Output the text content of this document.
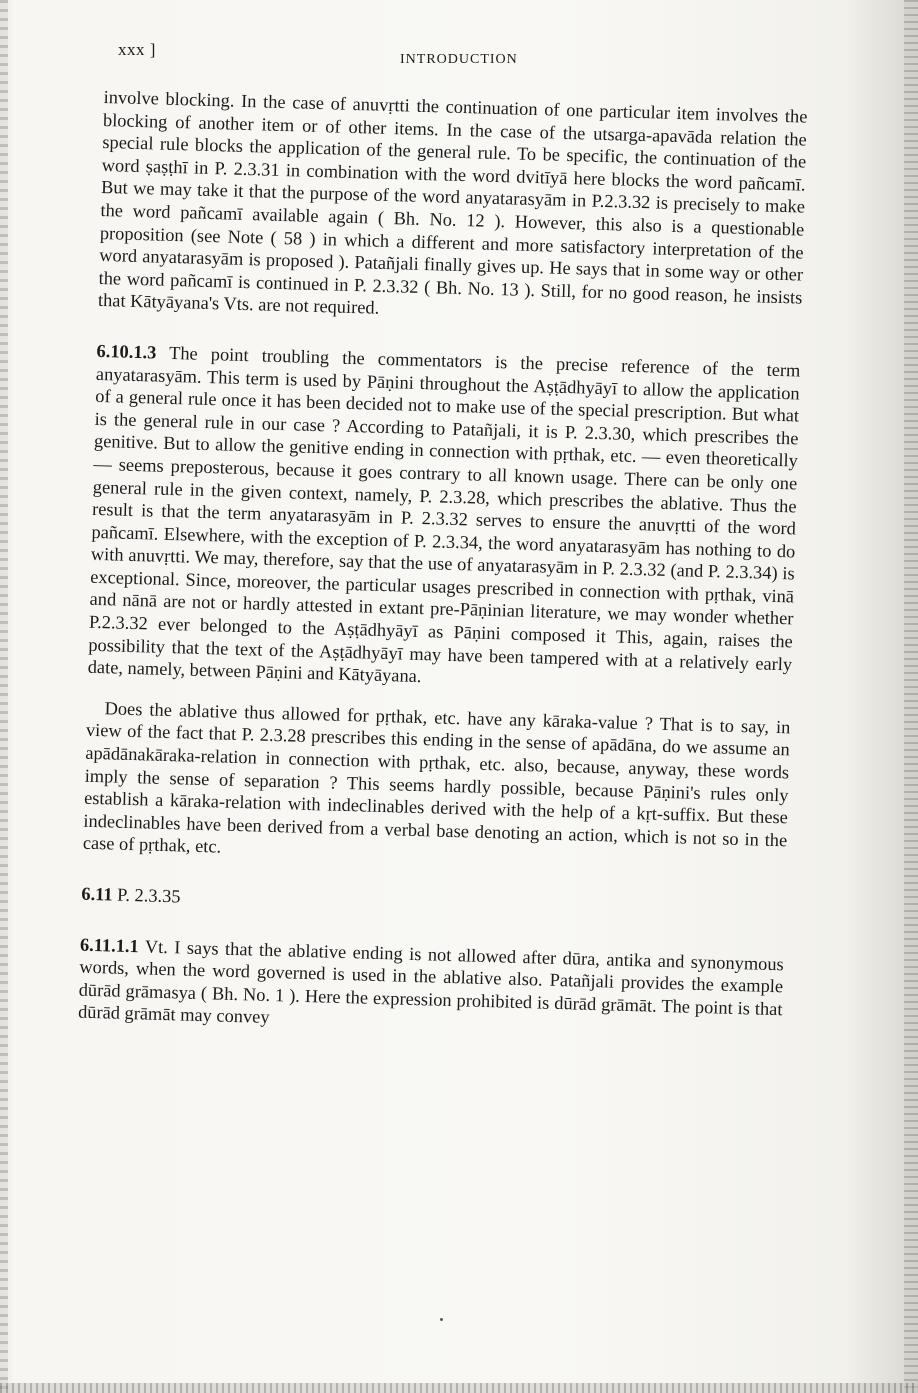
xxx ]
INTRODUCTION

involve blocking. In the case of anuvṛtti the continuation of one particular item involves the blocking of another item or of other items. In the case of the utsarga-apavāda relation the special rule blocks the application of the general rule. To be specific, the continuation of the word ṣaṣṭhī in P. 2.3.31 in combination with the word dvitīyā here blocks the word pañcamī. But we may take it that the purpose of the word anyatarasyām in P.2.3.32 is precisely to make the word pañcamī available again ( Bh. No. 12 ). However, this also is a questionable proposition (see Note ( 58 ) in which a different and more satisfactory interpretation of the word anyatarasyām is proposed ). Patañjali finally gives up. He says that in some way or other the word pañcamī is continued in P. 2.3.32 ( Bh. No. 13 ). Still, for no good reason, he insists that Kātyāyana's Vts. are not required.

6.10.1.3 The point troubling the commentators is the precise reference of the term anyatarasyām. This term is used by Pāṇini throughout the Aṣṭādhyāyī to allow the application of a general rule once it has been decided not to make use of the special prescription. But what is the general rule in our case ? According to Patañjali, it is P. 2.3.30, which prescribes the genitive. But to allow the genitive ending in connection with pṛthak, etc. — even theoretically — seems preposterous, because it goes contrary to all known usage. There can be only one general rule in the given context, namely, P. 2.3.28, which prescribes the ablative. Thus the result is that the term anyatarasyām in P. 2.3.32 serves to ensure the anuvṛtti of the word pañcamī. Elsewhere, with the exception of P. 2.3.34, the word anyatarasyām has nothing to do with anuvṛtti. We may, therefore, say that the use of anyatarasyām in P. 2.3.32 (and P. 2.3.34) is exceptional. Since, moreover, the particular usages prescribed in connection with pṛthak, vinā and nānā are not or hardly attested in extant pre-Pāṇinian literature, we may wonder whether P.2.3.32 ever belonged to the Aṣṭādhyāyī as Pāṇini composed it This, again, raises the possibility that the text of the Aṣṭādhyāyī may have been tampered with at a relatively early date, namely, between Pāṇini and Kātyāyana.

Does the ablative thus allowed for pṛthak, etc. have any kāraka-value ? That is to say, in view of the fact that P. 2.3.28 prescribes this ending in the sense of apādāna, do we assume an apādānakāraka-relation in connection with pṛthak, etc. also, because, anyway, these words imply the sense of separation ? This seems hardly possible, because Pāṇini's rules only establish a kāraka-relation with indeclinables derived with the help of a kṛt-suffix. But these indeclinables have been derived from a verbal base denoting an action, which is not so in the case of pṛthak, etc.

6.11 P. 2.3.35

6.11.1.1 Vt. I says that the ablative ending is not allowed after dūra, antika and synonymous words, when the word governed is used in the ablative also. Patañjali provides the example dūrād grāmasya ( Bh. No. 1 ). Here the expression prohibited is dūrād grāmāt. The point is that dūrād grāmāt may convey
